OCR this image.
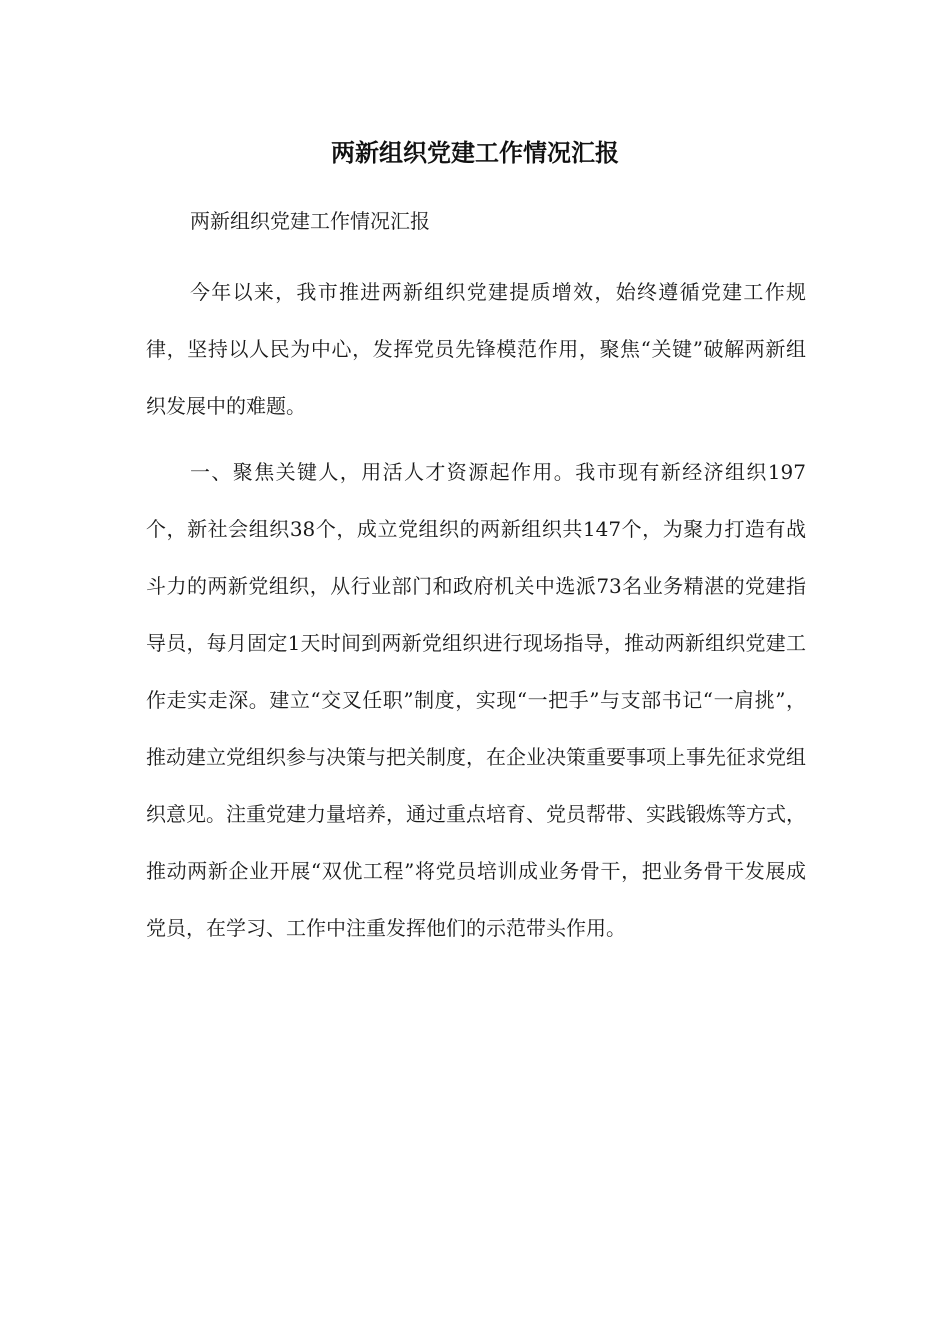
两新组织党建工作情况汇报

两新组织党建工作情况汇报

今年以来，我市推进两新组织党建提质增效，始终遵循党建工作规律，坚持以人民为中心，发挥党员先锋模范作用，聚焦“关键”破解两新组织发展中的难题。

一、聚焦关键人，用活人才资源起作用。我市现有新经济组织197个，新社会组织38个，成立党组织的两新组织共147个，为聚力打造有战斗力的两新党组织，从行业部门和政府机关中选派73名业务精湛的党建指导员，每月固定1天时间到两新党组织进行现场指导，推动两新组织党建工作走实走深。建立“交叉任职”制度，实现“一把手”与支部书记“一肩挑”，推动建立党组织参与决策与把关制度，在企业决策重要事项上事先征求党组织意见。注重党建力量培养，通过重点培育、党员帮带、实践锻炼等方式，推动两新企业开展“双优工程”将党员培训成业务骨干，把业务骨干发展成党员，在学习、工作中注重发挥他们的示范带头作用。
